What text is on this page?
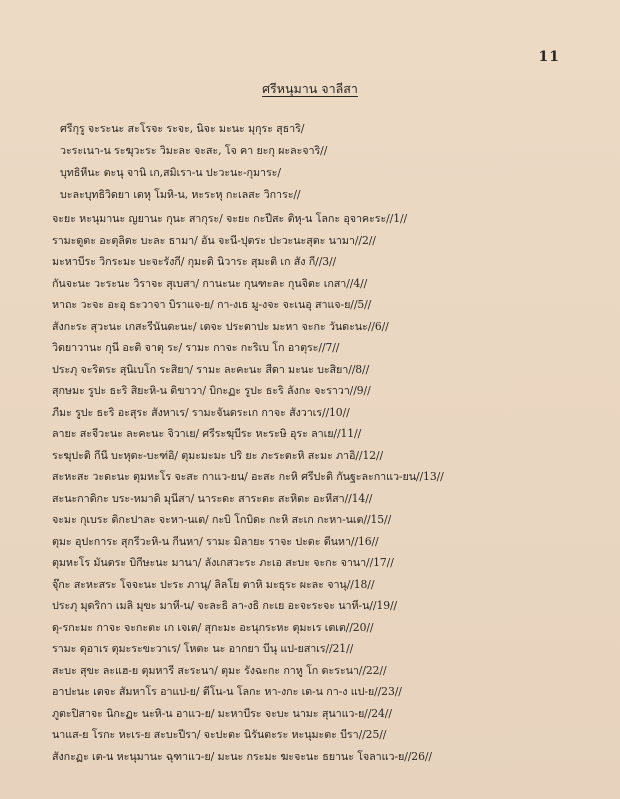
11
ศรีหนุมาน จาลีสา
ศรีกุรู จะระนะ สะโรจะ ระจะ, นิจะ มะนะ มุกุระ สุธาริ/
วะระเนา-น ระฆุวะระ วิมะละ จะสะ, โจ คา ยะกุ ผะละจาริ//
บุทธิหีนะ ตะนุ จานิ เก,สมิเรา-น ปะวะนะ-กุมาระ/
บะละบุทธิวิดยา เดหุ โมหิ-น, หะระหุ กะเลสะ วิการะ//
จะยะ หะนุมานะ ญยานะ กุนะ สากุระ/ จะยะ กะปีสะ ติหุ-น โลกะ อุจาคะระ//1//
รามะดูตะ อะตุลิตะ บะละ ธามา/ อัน จะนี-ปุตระ ปะวะนะสุตะ นามา//2//
มะหาบีระ วิกระมะ บะจะรังกี/ กุมะติ นิวาระ สุมะติ เก สัง กี//3//
กันจะนะ วะระนะ วิราจะ สุเบสา/ กานะนะ กุนฑะละ กุนจิตะ เกสา//4//
หาถะ วะจะ อะอุ ธะวาจา บิราแจ-ย/ กา-งเธ มู-งจะ จะเนอุ สาแจ-ย//5//
สังกะระ สุวะนะ เกสะรีนันดะนะ/ เตจะ ประตาปะ มะหา จะกะ วันดะนะ//6//
วิดยาวานะ กุนี อะติ จาตุ ระ/ รามะ กาจะ กะริเบ โก อาตุระ//7//
ประภุ จะริตระ สุนิเบโก ระสิยา/ รามะ ละคะนะ สีดา มะนะ บะสิยา//8//
สุกษมะ รูปะ ธะริ สิยะหิ-น ดิขาวา/ บิกะฏะ รูปะ ธะริ ลังกะ จะราวา//9//
ภีมะ รูปะ ธะริ อะสุระ สังหาเร/ รามะจันดระเก กาจะ สังวาเร//10//
ลายะ สะจีวะนะ ละคะนะ จิวาเย/ ศรีระฆุบีระ หะระษิ อุระ ลาเย//11//
ระฆุปะติ กีนี บะหุตะ-บะฑ่อิ/ ตุมะมะมะ ปริ ยะ ภะระตะหิ สะมะ ภาอิ//12//
สะหะสะ วะดะนะ ตุมหะโร จะสะ กาแว-ยน/ อะสะ กะหิ ศรีปะติ กันฐะละกาแว-ยน//13//
สะนะกาดิกะ บระ-หมาดิ มุนีสา/ นาระดะ สาระดะ สะหิตะ อะหีสา//14//
จะมะ กุเบระ ดิกะปาละ จะหา-นเต/ กะบิ โกบิดะ กะหิ สะเก กะหา-นเต//15//
ตุมะ อุปะการะ สุกรีวะหิ-น กีนหา/ รามะ มิลายะ ราจะ ปะดะ ดีนหา//16//
ตุมหะโร มันตระ บิกีษะนะ มานา/ ลังเกสวะระ ภะเอ สะบะ จะกะ จานา//17//
จุ๊กะ สะหะสระ โจจะนะ ปะระ ภานุ/ ลิลโย ตาหิ มะธุระ ผะละ จานุ//18//
ประภุ มุดริกา เมลิ มุขะ มาหี-น/ จะละธิ ลา-งธิ กะเย อะจะระจะ นาหี-น//19//
ดุ-รกะมะ กาจะ จะกะตะ เก เจเต/ สุกะมะ อะนุกระหะ ตุมะเร เตเต//20//
รามะ ดุอาเร ตุมะระขะวาเร/ โหตะ นะ อากยา บีนุ แป-ยสาเร//21//
สะบะ สุขะ ละแฮ-ย ตุมหารี สะระนา/ ตุมะ รังฉะกะ กาหู โก ดะระนา//22//
อาปะนะ เตจะ สัมหาโร อาแป-ย/ ตีโน-น โลกะ หา-งกะ เต-น กา-ง แป-ย//23//
ภูตะปิสาจะ นิกะฏะ นะหิ-น อาแว-ย/ มะหาบีระ จะบะ นามะ สุนาแว-ย//24//
นาแส-ย โรกะ หะเร-ย สะบะปีรา/ จะปะตะ นิรันตะระ หะนุมะตะ บีรา//25//
สังกะฏะ เต-น หะนุมานะ ฉุฑาแว-ย/ มะนะ กระมะ ฆะจะนะ ธยานะ โจลาแว-ย//26//
